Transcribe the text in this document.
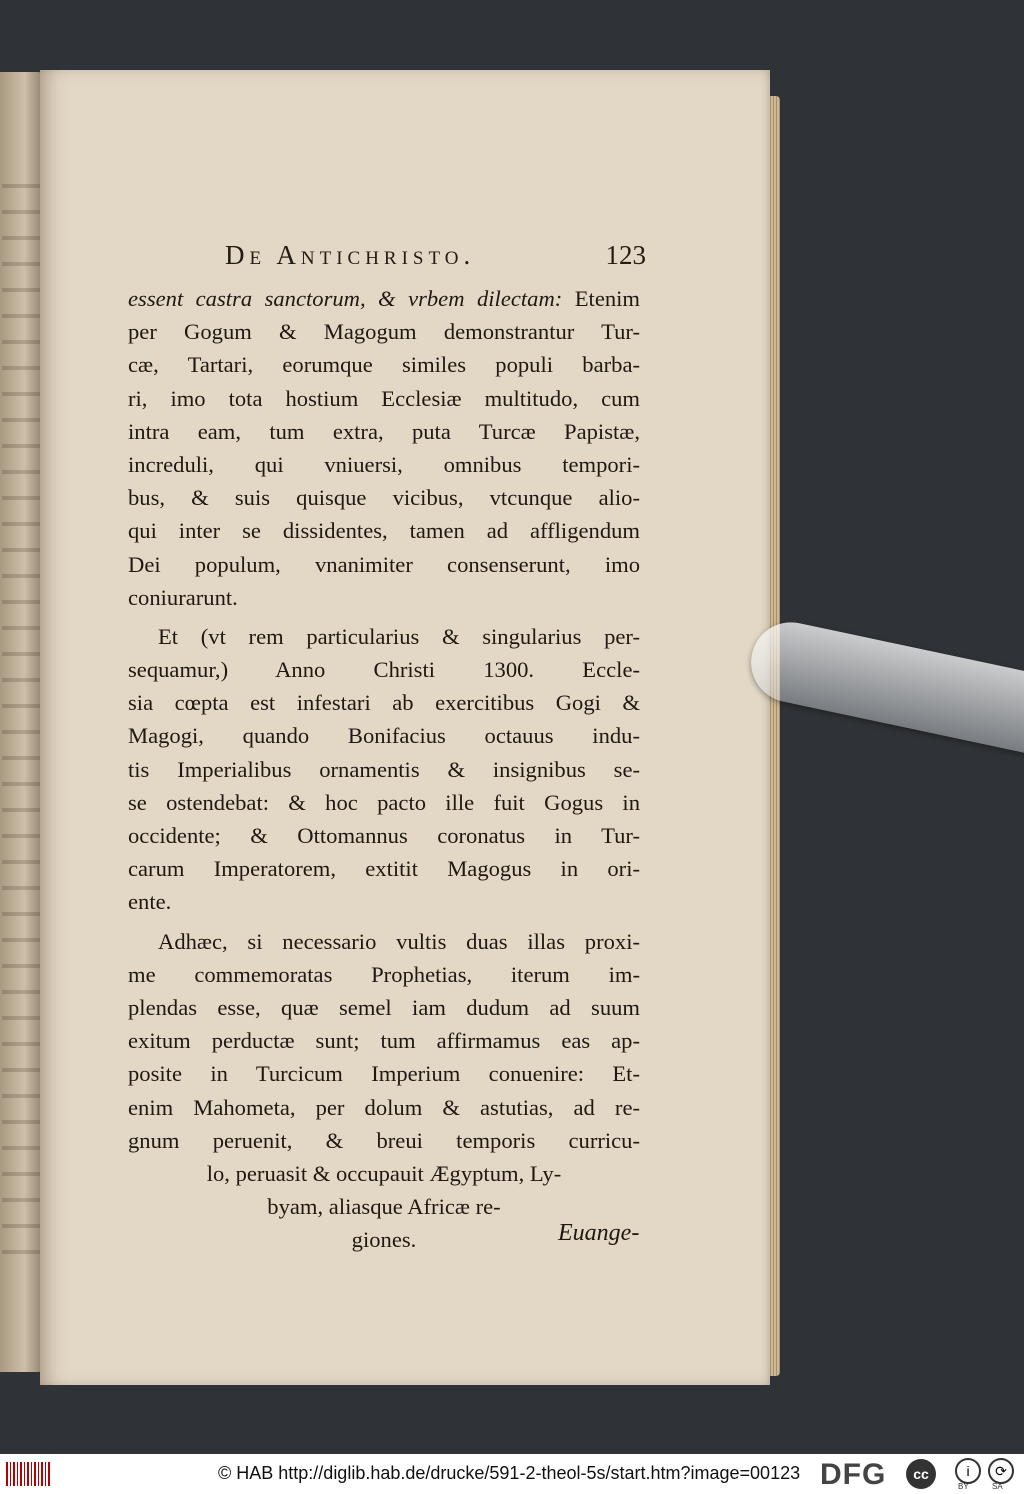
De Antichristo.	123
essent castra sanctorum, & vrbem dilectam: Etenim
per Gogum & Magogum demonstrantur Tur-
cæ, Tartari, eorumque similes populi barba-
ri, imo tota hostium Ecclesiæ multitudo, cum
intra eam, tum extra, puta Turcæ Papistæ,
increduli, qui vniuersi, omnibus tempori-
bus, & suis quisque vicibus, vtcunque alio-
qui inter se dissidentes, tamen ad affligendum
Dei populum, vnanimiter consenserunt, imo
coniurarunt.
Et (vt rem particularius & singularius per-
sequamur,) Anno Christi 1300. Eccle-
sia cœpta est infestari ab exercitibus Gogi &
Magogi, quando Bonifacius octauus indu-
tis Imperialibus ornamentis & insignibus se-
se ostendebat: & hoc pacto ille fuit Gogus in
occidente; & Ottomannus coronatus in Tur-
carum Imperatorem, extitit Magogus in ori-
ente.
Adhæc, si necessario vultis duas illas proxi-
me commemoratas Prophetias, iterum im-
plendas esse, quæ semel iam dudum ad suum
exitum perductæ sunt; tum affirmamus eas ap-
posite in Turcicum Imperium conuenire: Et-
enim Mahometa, per dolum & astutias, ad re-
gnum peruenit, & breui temporis curricu-
lo, peruasit & occupauit Ægyptum, Ly-
byam, aliasque Africæ re-
giones.	Euange-
© HAB http://diglib.hab.de/drucke/591-2-theol-5s/start.htm?image=00123 DFG	cc	i	⟳
BY	SA
